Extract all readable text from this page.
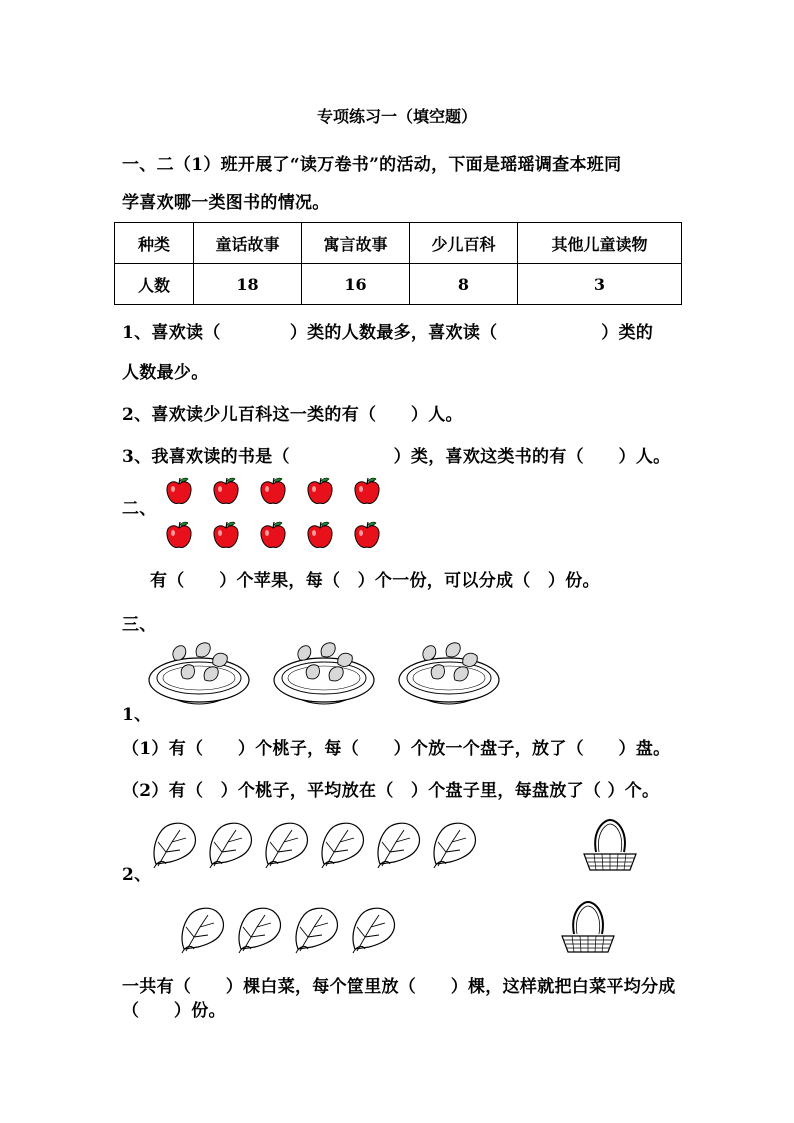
专项练习一（填空题）
一、二（1）班开展了“读万卷书”的活动，下面是瑶瑶调查本班同
学喜欢哪一类图书的情况。
种类	童话故事	寓言故事	少儿百科	其他儿童读物
人数	18	16	8	3
1、喜欢读（　　　　）类的人数最多，喜欢读（　　　　　　）类的
人数最少。
2、喜欢读少儿百科这一类的有（　　）人。
3、我喜欢读的书是（　　　　　　）类，喜欢这类书的有（　　）人。
二、
有（　　）个苹果，每（　）个一份，可以分成（　）份。
三、
1、
（1）有（　　）个桃子，每（　　）个放一个盘子，放了（　　）盘。
（2）有（　）个桃子，平均放在（　）个盘子里，每盘放了（ ）个。
2、
一共有（　　）棵白菜，每个筐里放（　　）棵，这样就把白菜平均分成
（　　）份。
